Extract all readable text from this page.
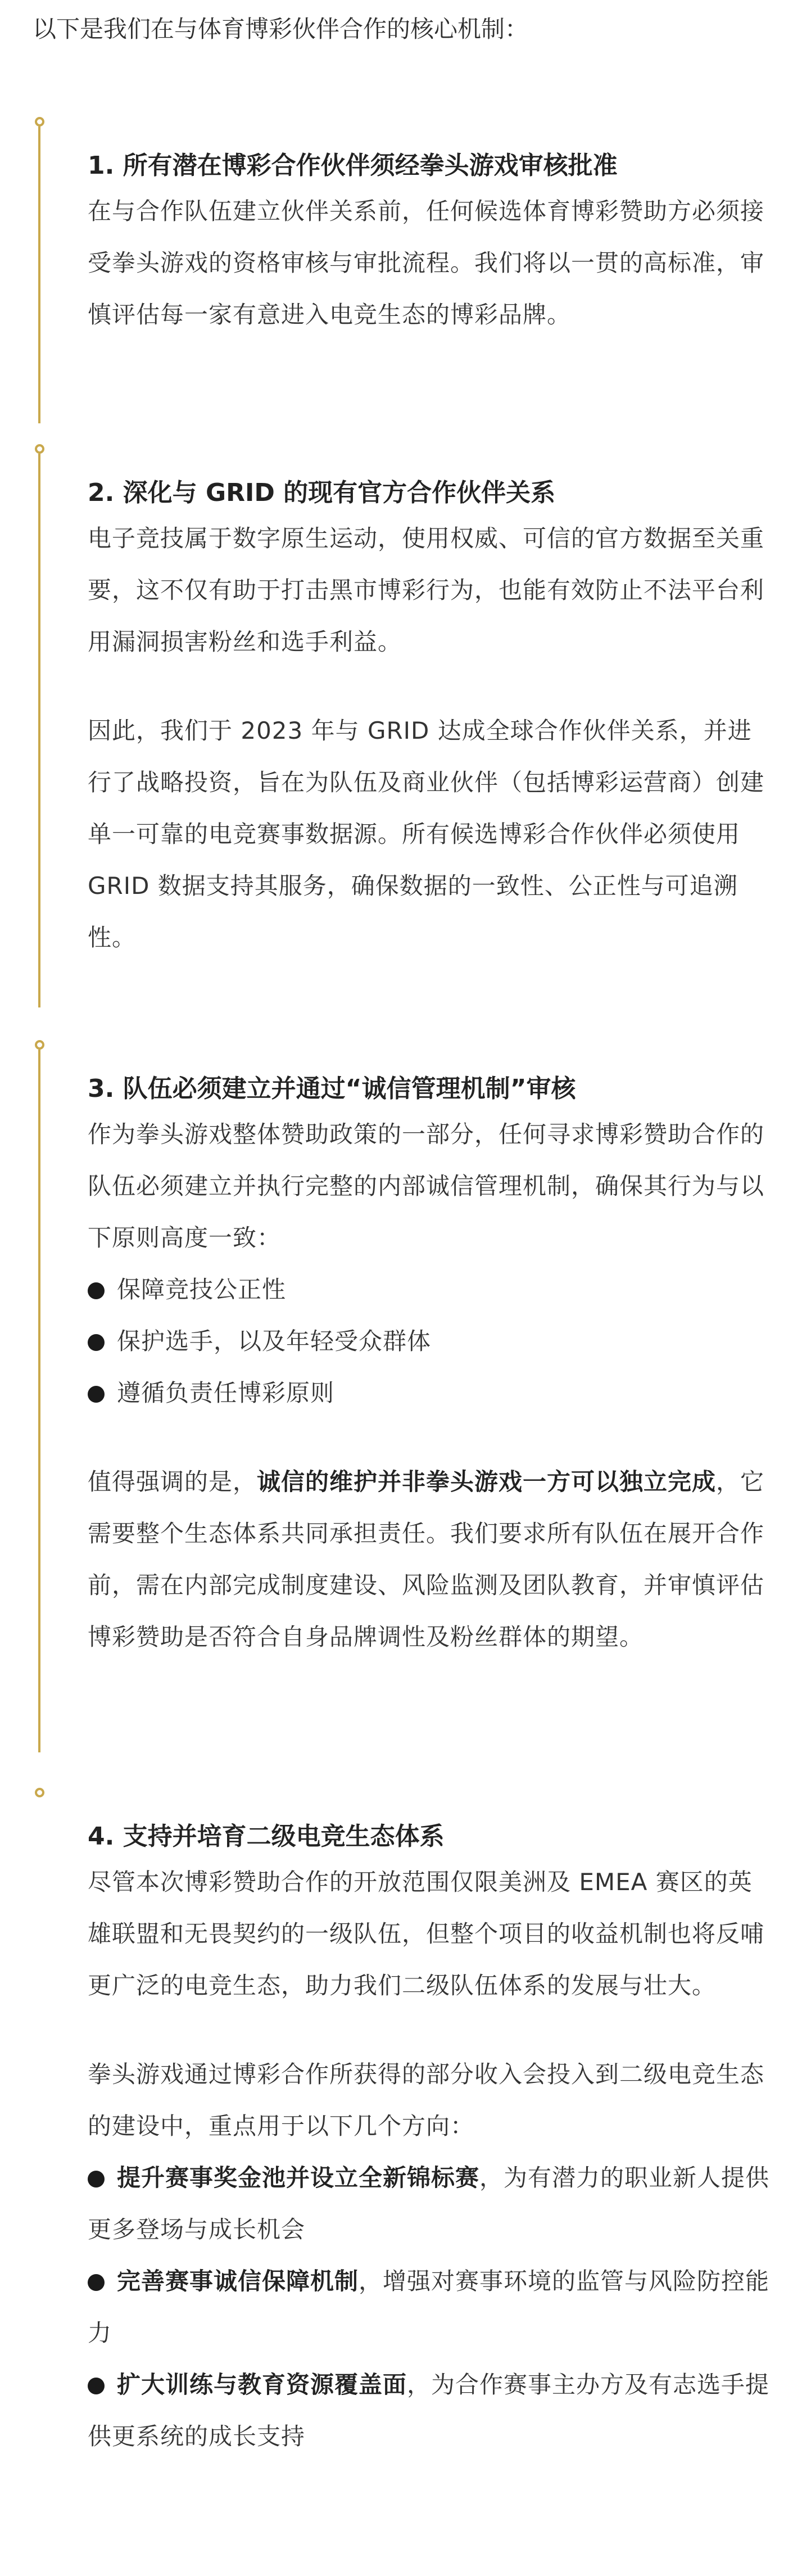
以下是我们在与体育博彩伙伴合作的核心机制：
1. 所有潜在博彩合作伙伴须经拳头游戏审核批准

在与合作队伍建立伙伴关系前，任何候选体育博彩赞助方必须接受拳头游戏的资格审核与审批流程。我们将以一贯的高标准，审慎评估每一家有意进入电竞生态的博彩品牌。

2. 深化与 GRID 的现有官方合作伙伴关系

电子竞技属于数字原生运动，使用权威、可信的官方数据至关重要，这不仅有助于打击黑市博彩行为，也能有效防止不法平台利用漏洞损害粉丝和选手利益。

因此，我们于 2023 年与 GRID 达成全球合作伙伴关系，并进行了战略投资，旨在为队伍及商业伙伴（包括博彩运营商）创建单一可靠的电竞赛事数据源。所有候选博彩合作伙伴必须使用 GRID 数据支持其服务，确保数据的一致性、公正性与可追溯性。

3. 队伍必须建立并通过“诚信管理机制”审核

作为拳头游戏整体赞助政策的一部分，任何寻求博彩赞助合作的队伍必须建立并执行完整的内部诚信管理机制，确保其行为与以下原则高度一致：

保障竞技公正性
保护选手，以及年轻受众群体
遵循负责任博彩原则

值得强调的是，诚信的维护并非拳头游戏一方可以独立完成，它需要整个生态体系共同承担责任。我们要求所有队伍在展开合作前，需在内部完成制度建设、风险监测及团队教育，并审慎评估博彩赞助是否符合自身品牌调性及粉丝群体的期望。

4. 支持并培育二级电竞生态体系

尽管本次博彩赞助合作的开放范围仅限美洲及 EMEA 赛区的英雄联盟和无畏契约的一级队伍，但整个项目的收益机制也将反哺更广泛的电竞生态，助力我们二级队伍体系的发展与壮大。

拳头游戏通过博彩合作所获得的部分收入会投入到二级电竞生态的建设中，重点用于以下几个方向：

提升赛事奖金池并设立全新锦标赛，为有潜力的职业新人提供更多登场与成长机会
完善赛事诚信保障机制，增强对赛事环境的监管与风险防控能力
扩大训练与教育资源覆盖面，为合作赛事主办方及有志选手提供更系统的成长支持
